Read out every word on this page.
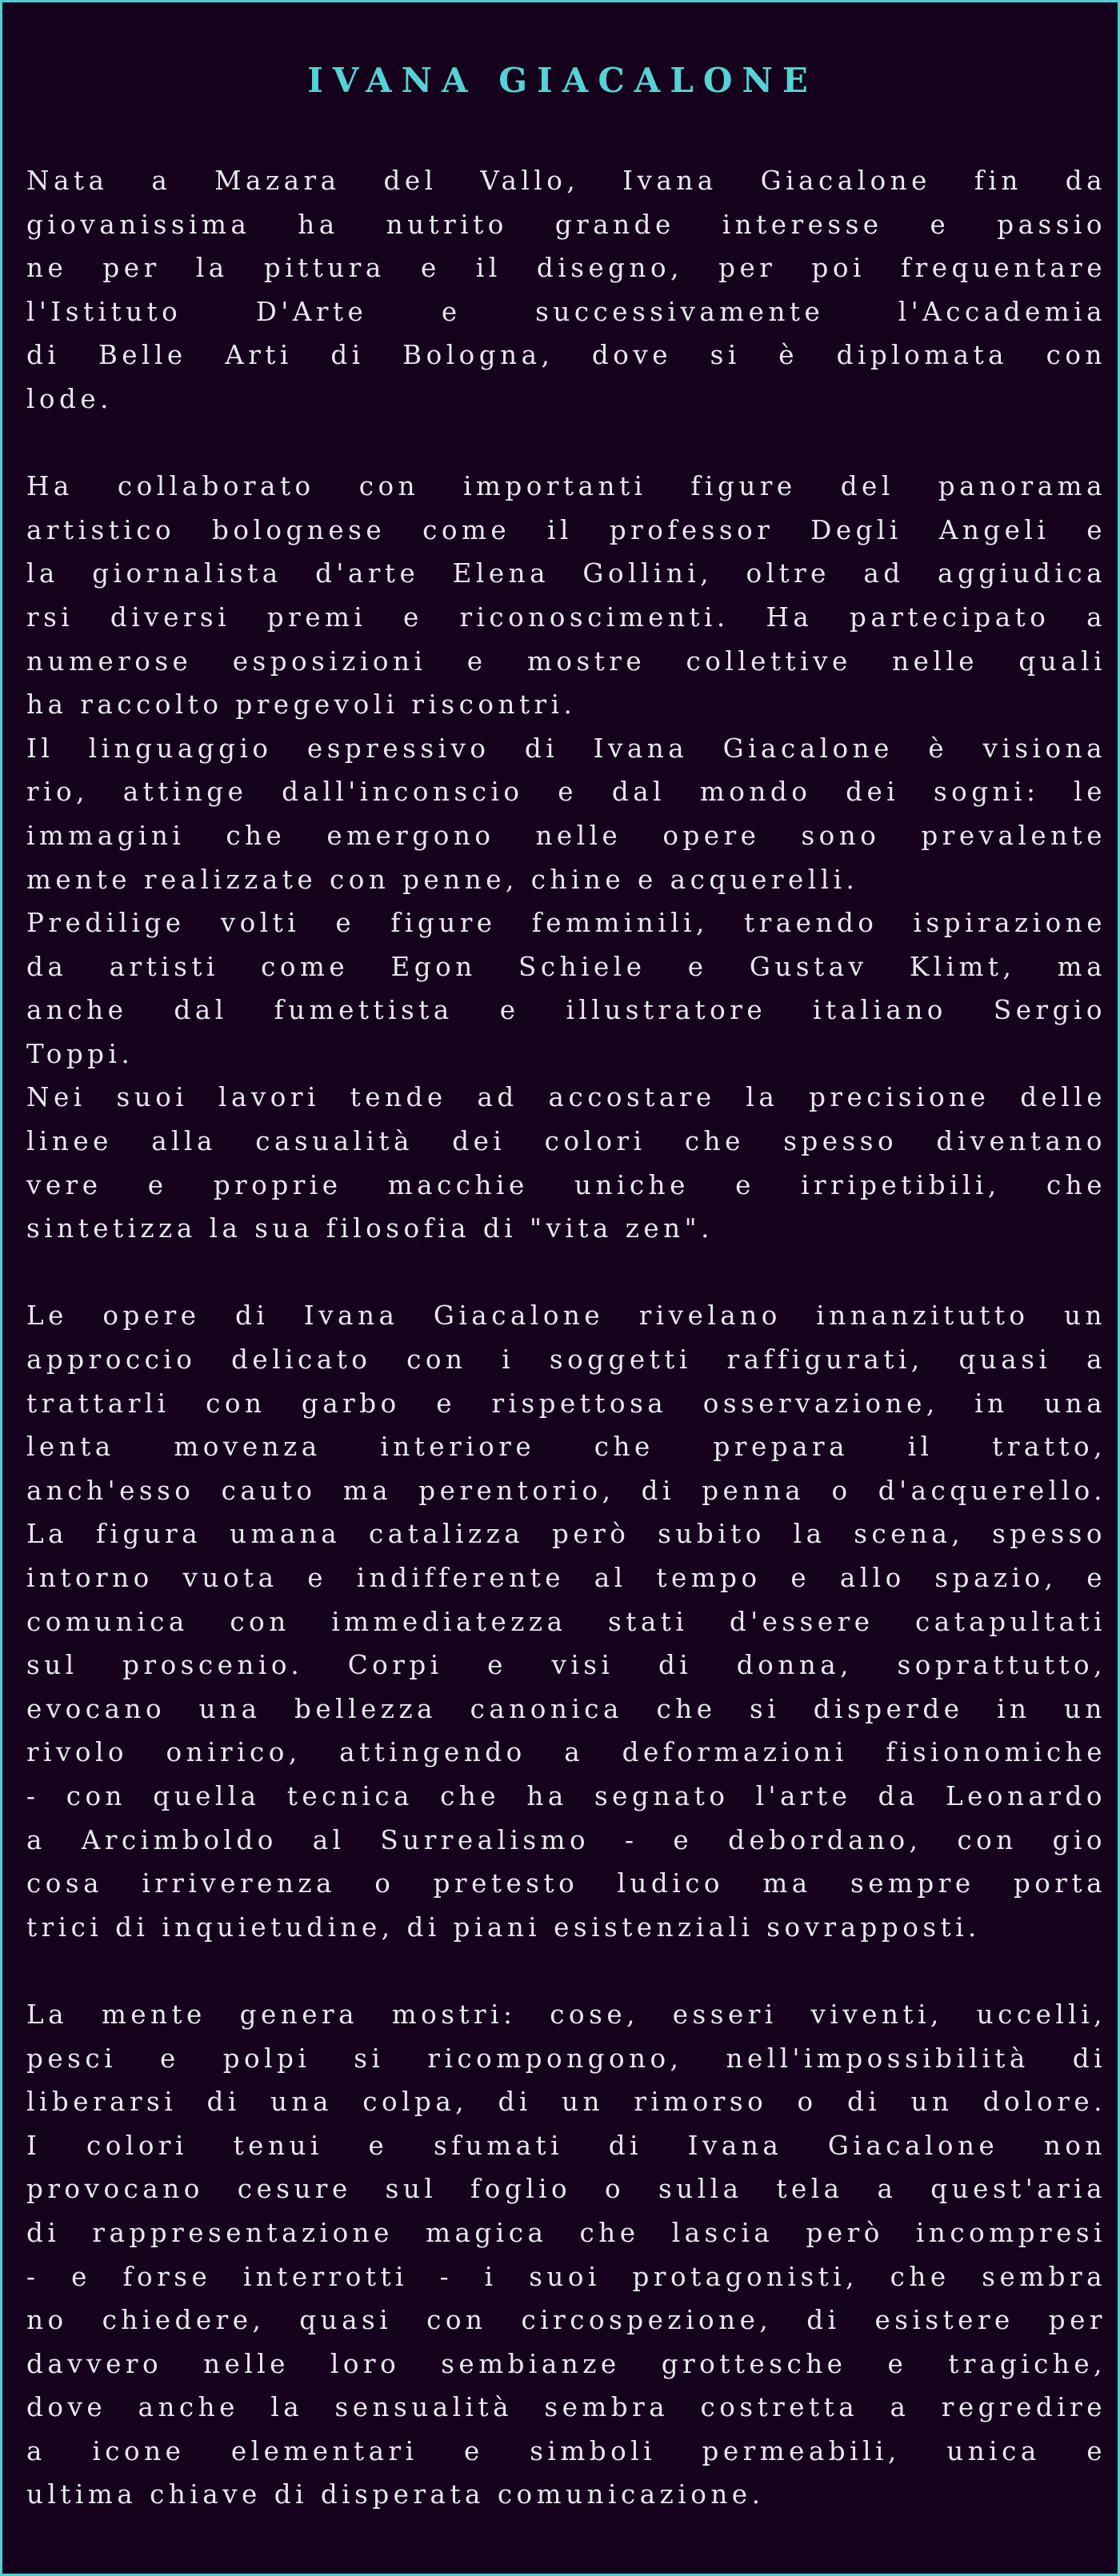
IVANA GIACALONE
Nata a Mazara del Vallo, Ivana Giacalone fin da
giovanissima ha nutrito grande interesse e passio
ne per la pittura e il disegno, per poi frequentare
l'Istituto D'Arte e successivamente l'Accademia
di Belle Arti di Bologna, dove si è diplomata con
lode.
Ha collaborato con importanti figure del panorama
artistico bolognese come il professor Degli Angeli e
la giornalista d'arte Elena Gollini, oltre ad aggiudica
rsi diversi premi e riconoscimenti. Ha partecipato a
numerose esposizioni e mostre collettive nelle quali
ha raccolto pregevoli riscontri.
Il linguaggio espressivo di Ivana Giacalone è visiona
rio, attinge dall'inconscio e dal mondo dei sogni: le
immagini che emergono nelle opere sono prevalente
mente realizzate con penne, chine e acquerelli.
Predilige volti e figure femminili, traendo ispirazione
da artisti come Egon Schiele e Gustav Klimt, ma
anche dal fumettista e illustratore italiano Sergio
Toppi.
Nei suoi lavori tende ad accostare la precisione delle
linee alla casualità dei colori che spesso diventano
vere e proprie macchie uniche e irripetibili, che
sintetizza la sua filosofia di "vita zen".
Le opere di Ivana Giacalone rivelano innanzitutto un
approccio delicato con i soggetti raffigurati, quasi a
trattarli con garbo e rispettosa osservazione, in una
lenta movenza interiore che prepara il tratto,
anch'esso cauto ma perentorio, di penna o d'acquerello.
La figura umana catalizza però subito la scena, spesso
intorno vuota e indifferente al tempo e allo spazio, e
comunica con immediatezza stati d'essere catapultati
sul proscenio. Corpi e visi di donna, soprattutto,
evocano una bellezza canonica che si disperde in un
rivolo onirico, attingendo a deformazioni fisionomiche
- con quella tecnica che ha segnato l'arte da Leonardo
a Arcimboldo al Surrealismo - e debordano, con gio
cosa irriverenza o pretesto ludico ma sempre porta
trici di inquietudine, di piani esistenziali sovrapposti.
La mente genera mostri: cose, esseri viventi, uccelli,
pesci e polpi si ricompongono, nell'impossibilità di
liberarsi di una colpa, di un rimorso o di un dolore.
I colori tenui e sfumati di Ivana Giacalone non
provocano cesure sul foglio o sulla tela a quest'aria
di rappresentazione magica che lascia però incompresi
- e forse interrotti - i suoi protagonisti, che sembra
no chiedere, quasi con circospezione, di esistere per
davvero nelle loro sembianze grottesche e tragiche,
dove anche la sensualità sembra costretta a regredire
a icone elementari e simboli permeabili, unica e
ultima chiave di disperata comunicazione.
